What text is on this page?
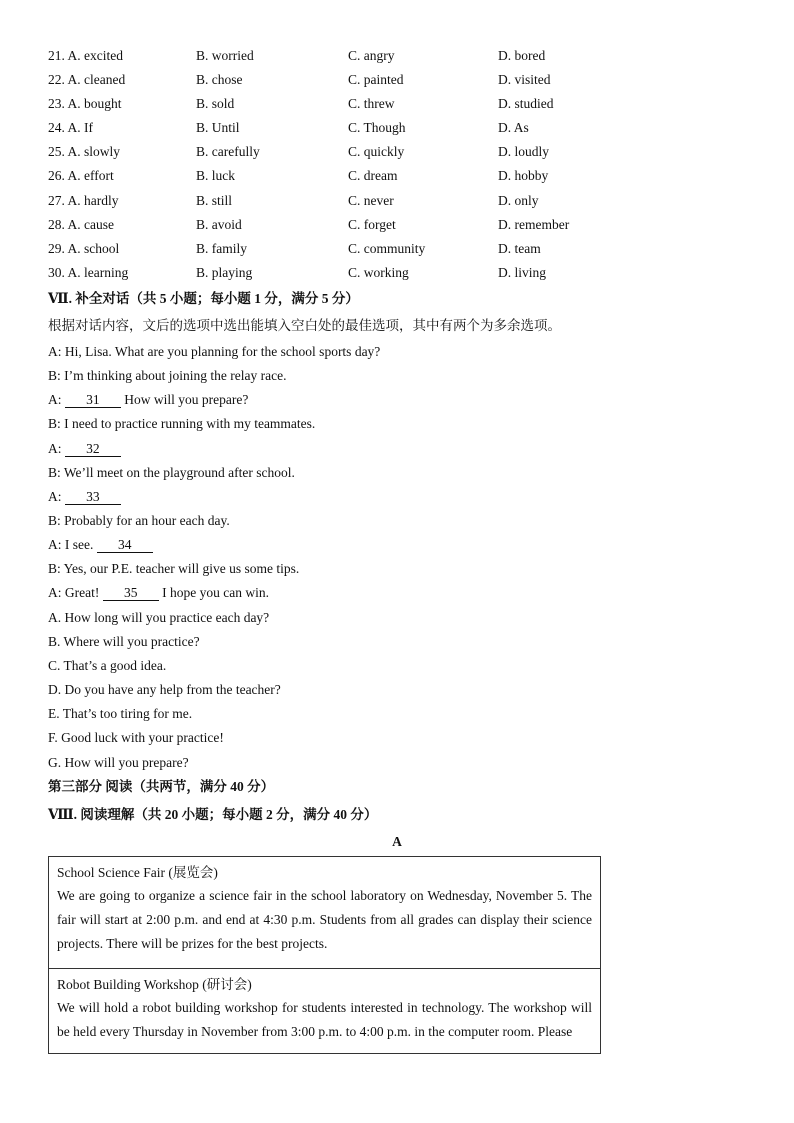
21. A. excited	B. worried	C. angry	D. bored
22. A. cleaned	B. chose	C. painted	D. visited
23. A. bought	B. sold	C. threw	D. studied
24. A. If	B. Until	C. Though	D. As
25. A. slowly	B. carefully	C. quickly	D. loudly
26. A. effort	B. luck	C. dream	D. hobby
27. A. hardly	B. still	C. never	D. only
28. A. cause	B. avoid	C. forget	D. remember
29. A. school	B. family	C. community	D. team
30. A. learning	B. playing	C. working	D. living
Ⅶ. 补全对话（共 5 小题；每小题 1 分，满分 5 分）
根据对话内容，文后的选项中选出能填入空白处的最佳选项，其中有两个为多余选项。
A: Hi, Lisa. What are you planning for the school sports day?
B: I’m thinking about joining the relay race.
A: 31 How will you prepare?
B: I need to practice running with my teammates.
A: 32
B: We’ll meet on the playground after school.
A: 33
B: Probably for an hour each day.
A: I see. 34
B: Yes, our P.E. teacher will give us some tips.
A: Great! 35 I hope you can win.
A. How long will you practice each day?
B. Where will you practice?
C. That’s a good idea.
D. Do you have any help from the teacher?
E. That’s too tiring for me.
F. Good luck with your practice!
G. How will you prepare?
第三部分 阅读（共两节，满分 40 分）
Ⅷ. 阅读理解（共 20 小题；每小题 2 分，满分 40 分）
A
School Science Fair (展览会)
We are going to organize a science fair in the school laboratory on Wednesday, November 5. The fair will start at 2:00 p.m. and end at 4:30 p.m. Students from all grades can display their science projects. There will be prizes for the best projects.
Robot Building Workshop (研讨会)
We will hold a robot building workshop for students interested in technology. The workshop will be held every Thursday in November from 3:00 p.m. to 4:00 p.m. in the computer room. Please
